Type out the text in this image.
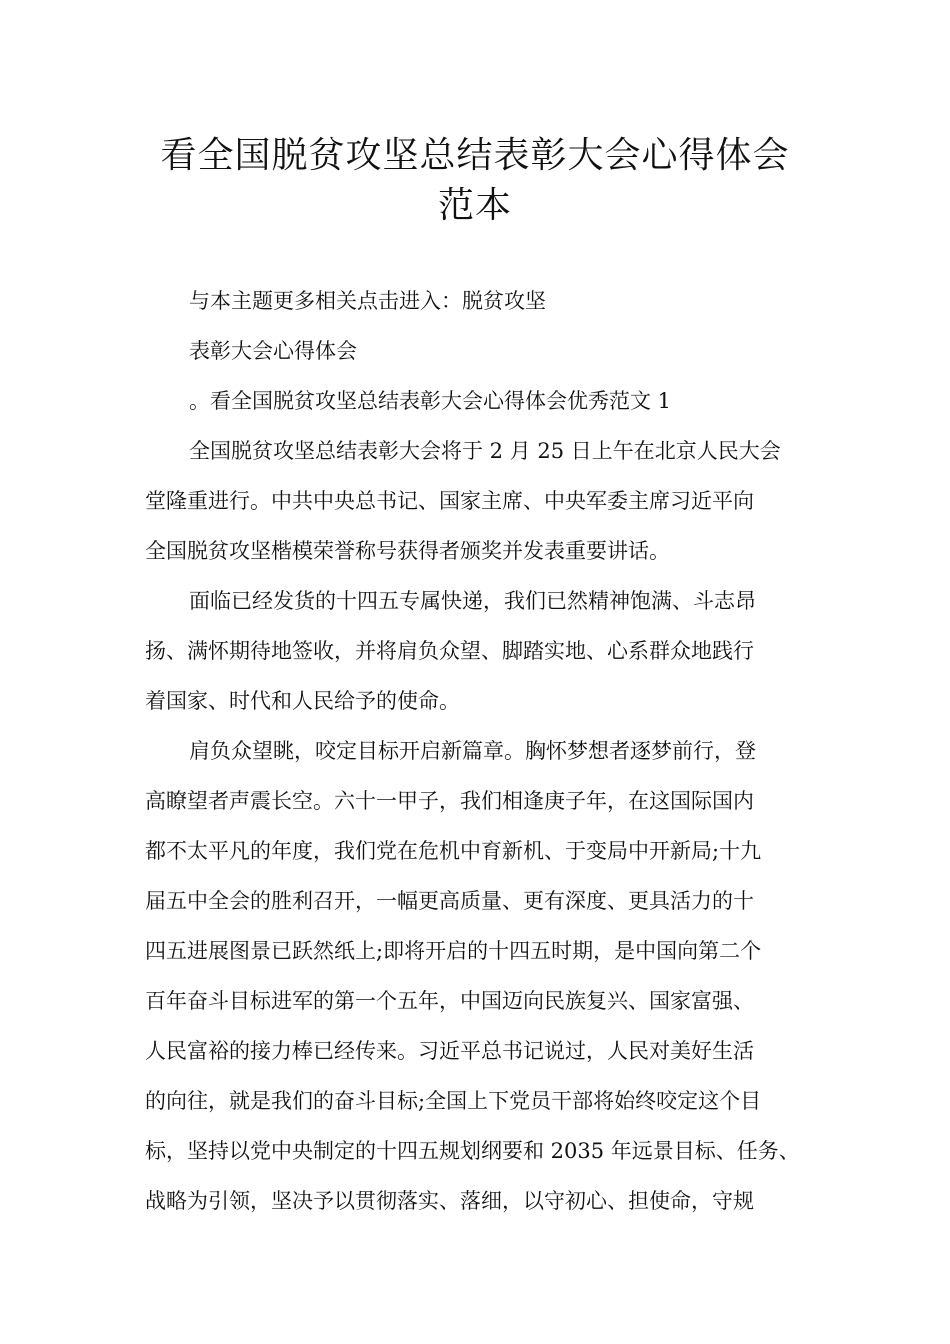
看全国脱贫攻坚总结表彰大会心得体会
范本
与本主题更多相关点击进入：脱贫攻坚
表彰大会心得体会
。看全国脱贫攻坚总结表彰大会心得体会优秀范文 1
全国脱贫攻坚总结表彰大会将于 2 月 25 日上午在北京人民大会
堂隆重进行。中共中央总书记、国家主席、中央军委主席习近平向
全国脱贫攻坚楷模荣誉称号获得者颁奖并发表重要讲话。
面临已经发货的十四五专属快递，我们已然精神饱满、斗志昂
扬、满怀期待地签收，并将肩负众望、脚踏实地、心系群众地践行
着国家、时代和人民给予的使命。
肩负众望眺，咬定目标开启新篇章。胸怀梦想者逐梦前行，登
高瞭望者声震长空。六十一甲子，我们相逢庚子年，在这国际国内
都不太平凡的年度，我们党在危机中育新机、于变局中开新局;十九
届五中全会的胜利召开，一幅更高质量、更有深度、更具活力的十
四五进展图景已跃然纸上;即将开启的十四五时期，是中国向第二个
百年奋斗目标进军的第一个五年，中国迈向民族复兴、国家富强、
人民富裕的接力棒已经传来。习近平总书记说过，人民对美好生活
的向往，就是我们的奋斗目标;全国上下党员干部将始终咬定这个目
标，坚持以党中央制定的十四五规划纲要和 2035 年远景目标、任务、
战略为引领，坚决予以贯彻落实、落细，以守初心、担使命，守规
